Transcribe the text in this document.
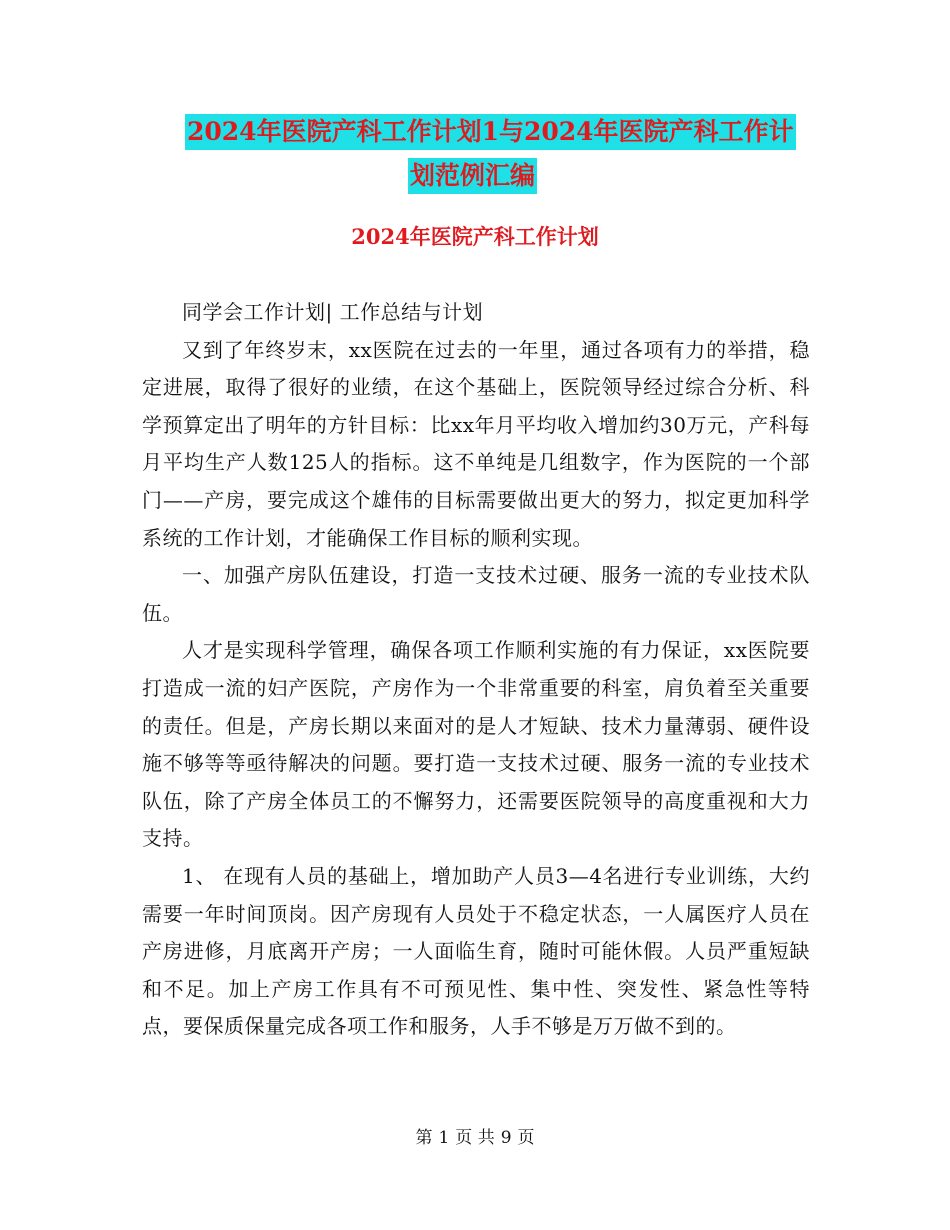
2024年医院产科工作计划1与2024年医院产科工作计
划范例汇编
2024年医院产科工作计划

同学会工作计划| 工作总结与计划

又到了年终岁末，xx医院在过去的一年里，通过各项有力的举措，稳定进展，取得了很好的业绩，在这个基础上，医院领导经过综合分析、科学预算定出了明年的方针目标：比xx年月平均收入增加约30万元，产科每月平均生产人数125人的指标。这不单纯是几组数字，作为医院的一个部门——产房，要完成这个雄伟的目标需要做出更大的努力，拟定更加科学系统的工作计划，才能确保工作目标的顺利实现。

一、加强产房队伍建设，打造一支技术过硬、服务一流的专业技术队伍。

人才是实现科学管理，确保各项工作顺利实施的有力保证，xx医院要打造成一流的妇产医院，产房作为一个非常重要的科室，肩负着至关重要的责任。但是，产房长期以来面对的是人才短缺、技术力量薄弱、硬件设施不够等等亟待解决的问题。要打造一支技术过硬、服务一流的专业技术队伍，除了产房全体员工的不懈努力，还需要医院领导的高度重视和大力支持。

1、 在现有人员的基础上，增加助产人员3—4名进行专业训练，大约需要一年时间顶岗。因产房现有人员处于不稳定状态，一人属医疗人员在产房进修，月底离开产房；一人面临生育，随时可能休假。人员严重短缺和不足。加上产房工作具有不可预见性、集中性、突发性、紧急性等特点，要保质保量完成各项工作和服务，人手不够是万万做不到的。

第 1 页 共 9 页
